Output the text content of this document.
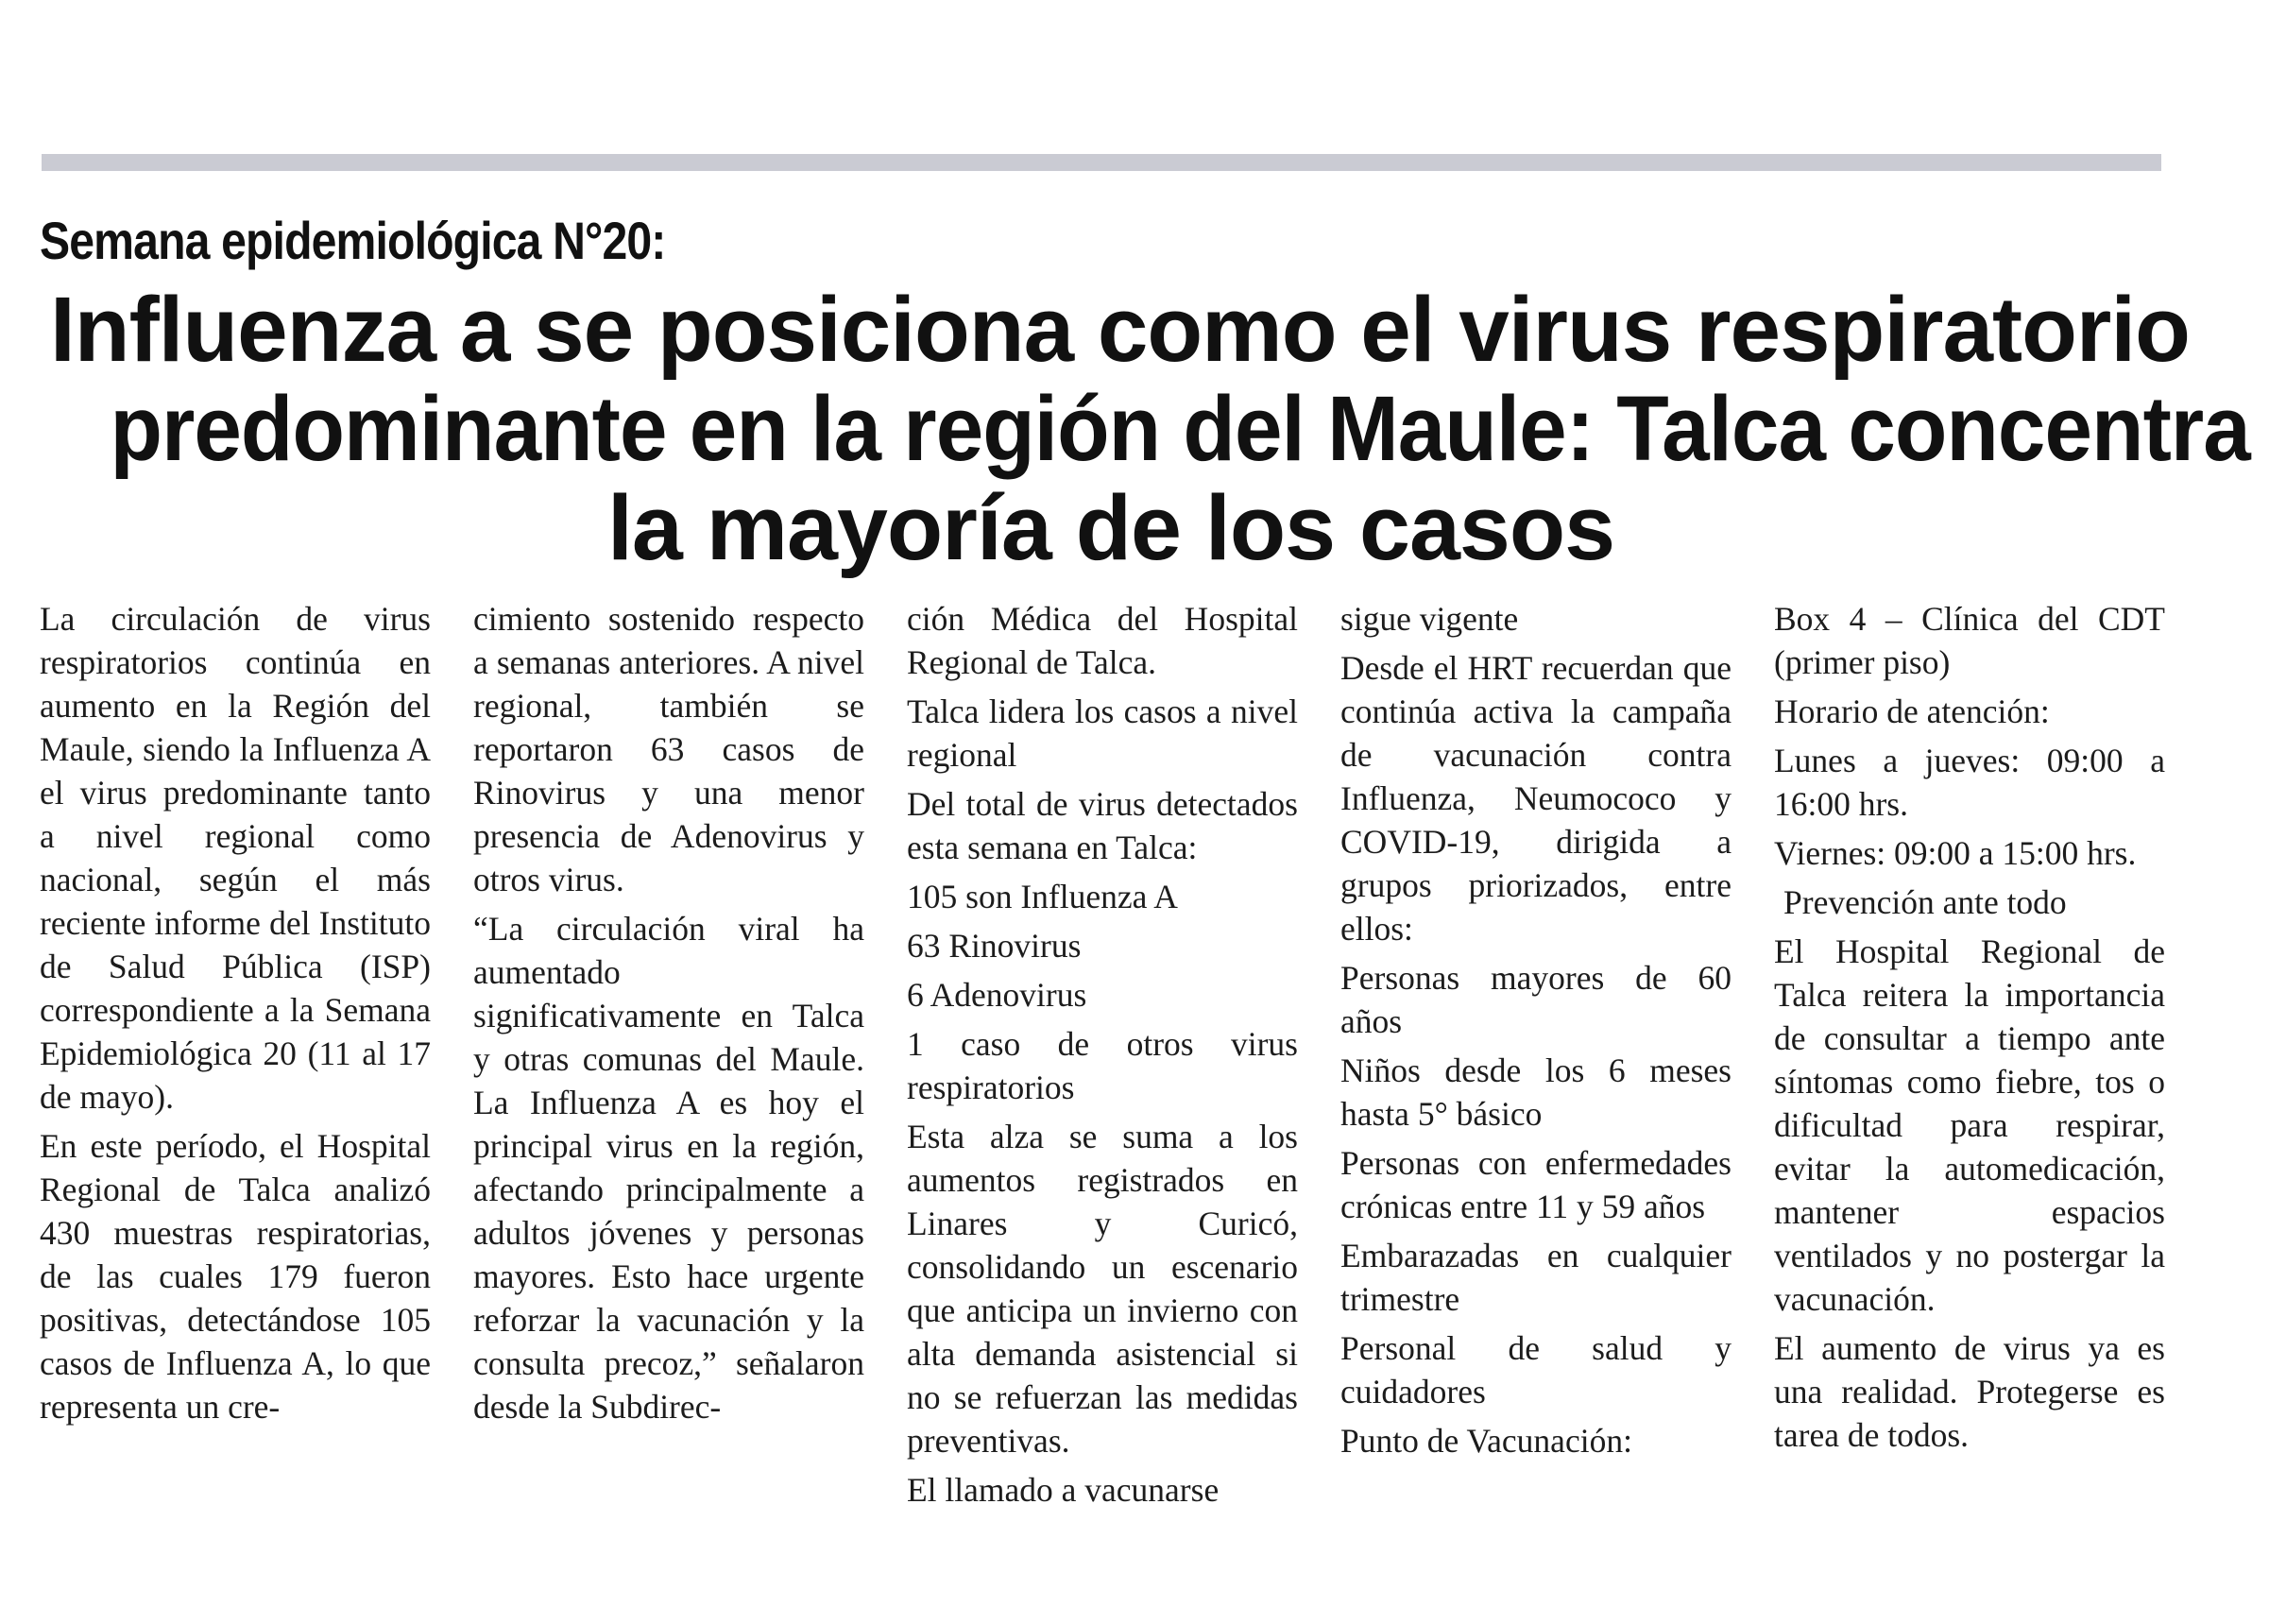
Semana epidemiológica N°20:
Influenza a se posiciona como el virus respiratorio
predominante en la región del Maule: Talca concentra
la mayoría de los casos

La circulación de virus respiratorios continúa en aumento en la Región del Maule, siendo la Influenza A el virus predominante tanto a nivel regional como nacional, según el más reciente informe del Instituto de Salud Pública (ISP) correspondiente a la Semana Epidemiológica 20 (11 al 17 de mayo).

En este período, el Hospital Regional de Talca analizó 430 muestras respiratorias, de las cuales 179 fueron positivas, detectándose 105 casos de Influenza A, lo que representa un cre-

cimiento sostenido respecto a semanas anteriores. A nivel regional, también se reportaron 63 casos de Rinovirus y una menor presencia de Adenovirus y otros virus.

“La circulación viral ha aumentado significativamente en Talca y otras comunas del Maule. La Influenza A es hoy el principal virus en la región, afectando principalmente a adultos jóvenes y personas mayores. Esto hace urgente reforzar la vacunación y la consulta precoz,” señalaron desde la Subdirec-

ción Médica del Hospital Regional de Talca.

Talca lidera los casos a nivel regional

Del total de virus detectados esta semana en Talca:

105 son Influenza A

63 Rinovirus

6 Adenovirus

1 caso de otros virus respiratorios

Esta alza se suma a los aumentos registrados en Linares y Curicó, consolidando un escenario que anticipa un invierno con alta demanda asistencial si no se refuerzan las medidas preventivas.

El llamado a vacunarse

sigue vigente

Desde el HRT recuerdan que continúa activa la campaña de vacunación contra Influenza, Neumococo y COVID-19, dirigida a grupos priorizados, entre ellos:

Personas mayores de 60 años

Niños desde los 6 meses hasta 5° básico

Personas con enfermedades crónicas entre 11 y 59 años

Embarazadas en cualquier trimestre

Personal de salud y cuidadores

Punto de Vacunación:

Box 4 – Clínica del CDT (primer piso)

Horario de atención:

Lunes a jueves: 09:00 a 16:00 hrs.

Viernes: 09:00 a 15:00 hrs.

Prevención ante todo

El Hospital Regional de Talca reitera la importancia de consultar a tiempo ante síntomas como fiebre, tos o dificultad para respirar, evitar la automedicación, mantener espacios ventilados y no postergar la vacunación.

El aumento de virus ya es una realidad. Protegerse es tarea de todos.
